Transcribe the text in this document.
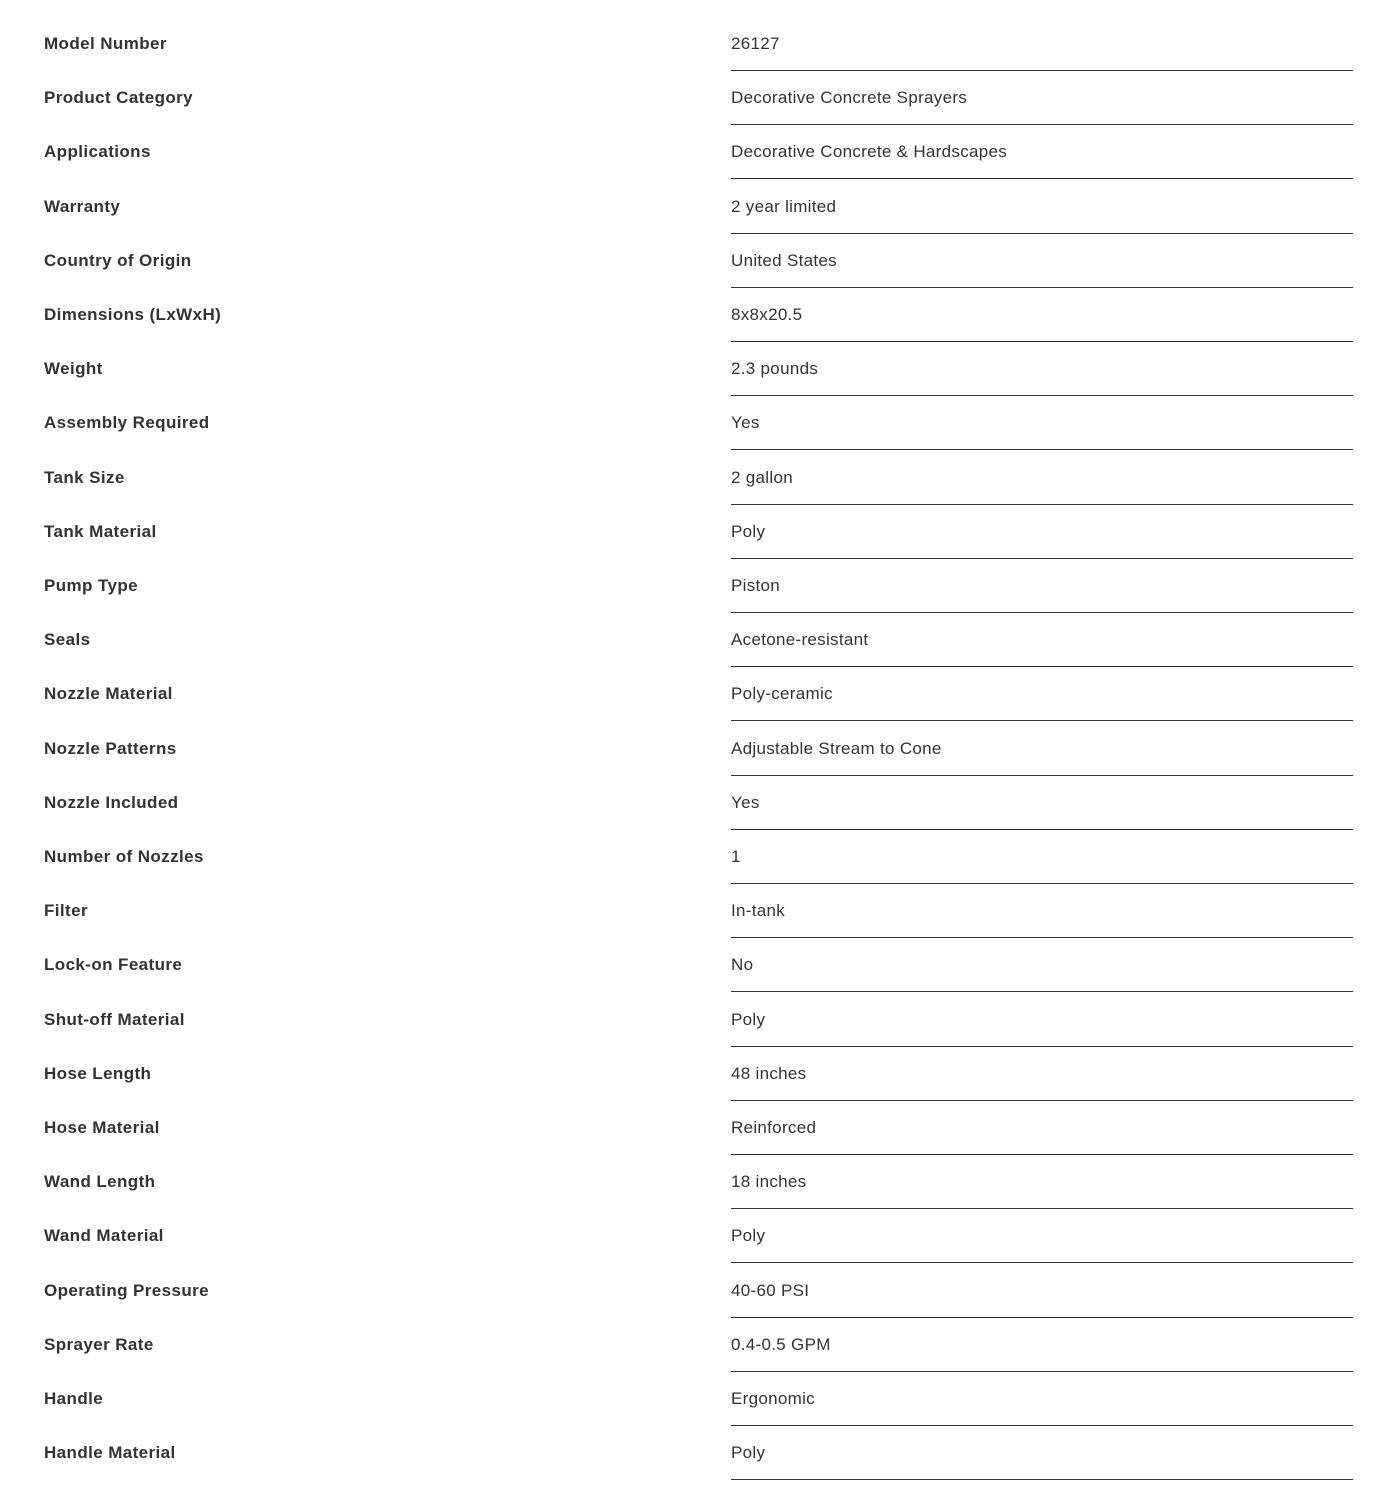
Model Number	26127
Product Category	Decorative Concrete Sprayers
Applications	Decorative Concrete & Hardscapes
Warranty	2 year limited
Country of Origin	United States
Dimensions (LxWxH)	8x8x20.5
Weight	2.3 pounds
Assembly Required	Yes
Tank Size	2 gallon
Tank Material	Poly
Pump Type	Piston
Seals	Acetone-resistant
Nozzle Material	Poly-ceramic
Nozzle Patterns	Adjustable Stream to Cone
Nozzle Included	Yes
Number of Nozzles	1
Filter	In-tank
Lock-on Feature	No
Shut-off Material	Poly
Hose Length	48 inches
Hose Material	Reinforced
Wand Length	18 inches
Wand Material	Poly
Operating Pressure	40-60 PSI
Sprayer Rate	0.4-0.5 GPM
Handle	Ergonomic
Handle Material	Poly
